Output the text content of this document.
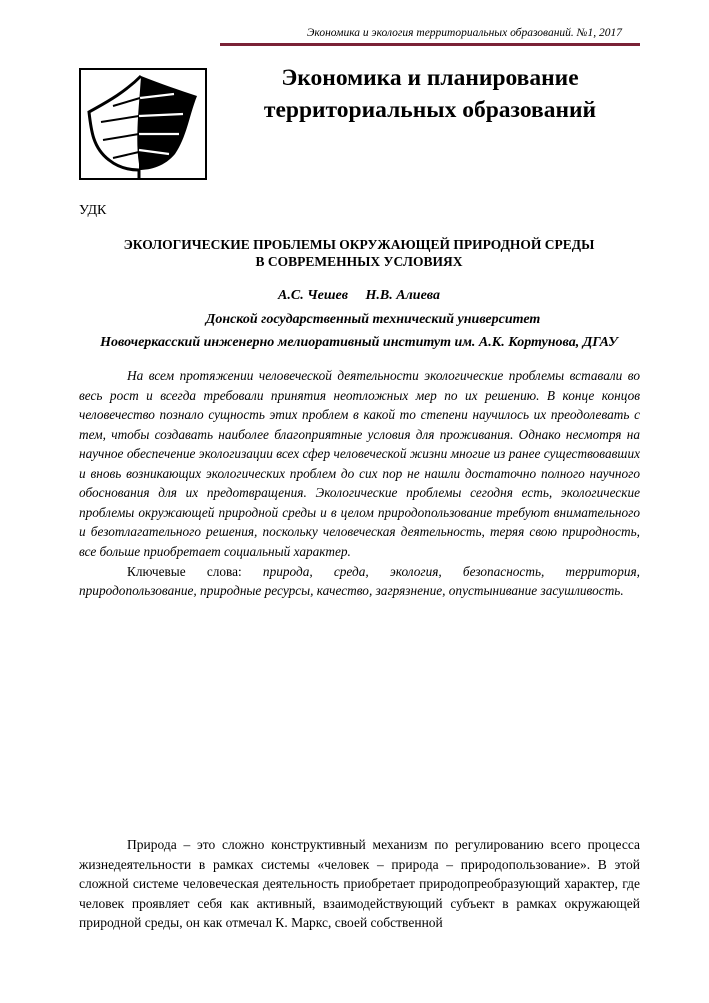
Экономика и экология территориальных образований. №1, 2017
Экономика и планирование территориальных образований
УДК
ЭКОЛОГИЧЕСКИЕ ПРОБЛЕМЫ ОКРУЖАЮЩЕЙ ПРИРОДНОЙ СРЕДЫ
В СОВРЕМЕННЫХ УСЛОВИЯХ
А.С. Чешев Н.В. Алиева
Донской государственный технический университет
Новочеркасский инженерно мелиоративный институт им. А.К. Кортунова, ДГАУ

На всем протяжении человеческой деятельности экологические проблемы вставали во весь рост и всегда требовали принятия неотложных мер по их решению. В конце концов человечество познало сущность этих проблем в какой то степени научилось их преодолевать с тем, чтобы создавать наиболее благоприятные условия для проживания. Однако несмотря на научное обеспечение экологизации всех сфер человеческой жизни многие из ранее существовавших и вновь возникающих экологических проблем до сих пор не нашли достаточно полного научного обоснования для их предотвращения. Экологические проблемы сегодня есть, экологические проблемы окружающей природной среды и в целом природопользование требуют внимательного и безотлагательного решения, поскольку человеческая деятельность, теряя свою природность, все больше приобретает социальный характер.

Ключевые слова: природа, среда, экология, безопасность, территория, природопользование, природные ресурсы, качество, загрязнение, опустынивание засушливость.

Природа – это сложно конструктивный механизм по регулированию всего процесса жизнедеятельности в рамках системы «человек – природа – природопользование». В этой сложной системе человеческая деятельность приобретает природопреобразующий характер, где человек проявляет себя как активный, взаимодействующий субъект в рамках окружающей природной среды, он как отмечал К. Маркс, своей собственной
